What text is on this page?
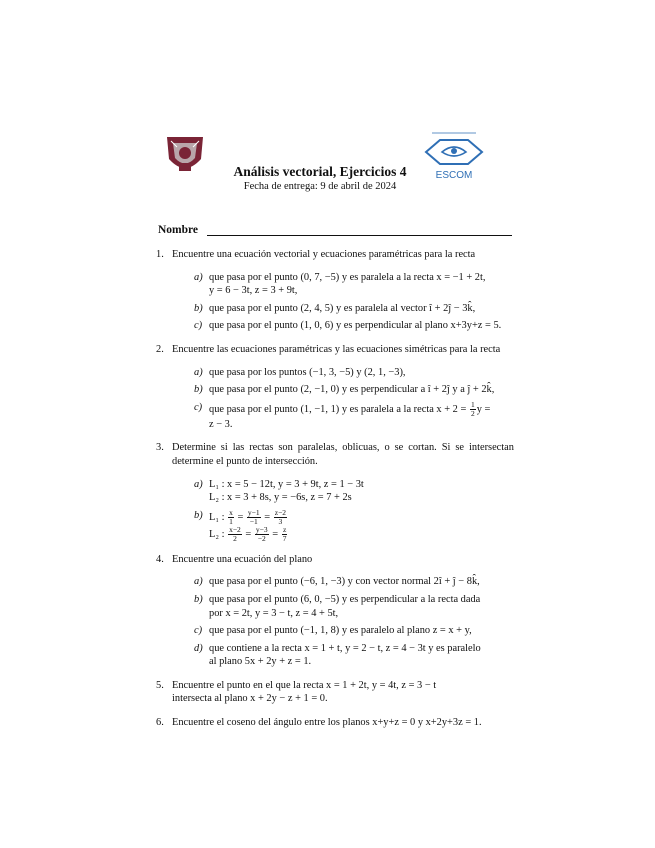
ESCOM
Análisis vectorial, Ejercicios 4
Fecha de entrega: 9 de abril de 2024
Nombre
1. Encuentre una ecuación vectorial y ecuaciones paramétricas para la recta
a) que pasa por el punto (0, 7, −5) y es paralela a la recta x = −1 + 2t,
y = 6 − 3t, z = 3 + 9t,
b) que pasa por el punto (2, 4, 5) y es paralela al vector î + 2ĵ − 3k̂,
c) que pasa por el punto (1, 0, 6) y es perpendicular al plano x+3y+z = 5.
2. Encuentre las ecuaciones paramétricas y las ecuaciones simétricas para la recta
a) que pasa por los puntos (−1, 3, −5) y (2, 1, −3),
b) que pasa por el punto (2, −1, 0) y es perpendicular a î + 2ĵ y a ĵ + 2k̂,
c) que pasa por el punto (1, −1, 1) y es paralela a la recta $x + 2 = \frac{1}{2}$ y =
z − 3.
3. Determine si las rectas son paralelas, oblicuas, o se cortan. Si se intersectan determine el punto de intersección.
a) L₁ : x = 5 − 12t, y = 3 + 9t, z = 1 − 3t
L₂ : x = 3 + 8s, y = −6s, z = 7 + 2s
b) L₁ : $\frac{x}{1} = \frac{y-1}{-1} = \frac{z-2}{3}$
L₂ : $\frac{x-2}{2} = \frac{y-3}{-2} = \frac{z}{7}$
4. Encuentre una ecuación del plano
a) que pasa por el punto (−6, 1, −3) y con vector normal 2î + ĵ − 8k̂,
b) que pasa por el punto (6, 0, −5) y es perpendicular a la recta dada
por x = 2t, y = 3 − t, z = 4 + 5t,
c) que pasa por el punto (−1, 1, 8) y es paralelo al plano z = x + y,
d) que contiene a la recta x = 1 + t, y = 2 − t, z = 4 − 3t y es paralelo
al plano 5x + 2y + z = 1.
5. Encuentre el punto en el que la recta x = 1 + 2t, y = 4t, z = 3 − t
intersecta al plano x + 2y − z + 1 = 0.
6. Encuentre el coseno del ángulo entre los planos x+y+z = 0 y x+2y+3z = 1.
